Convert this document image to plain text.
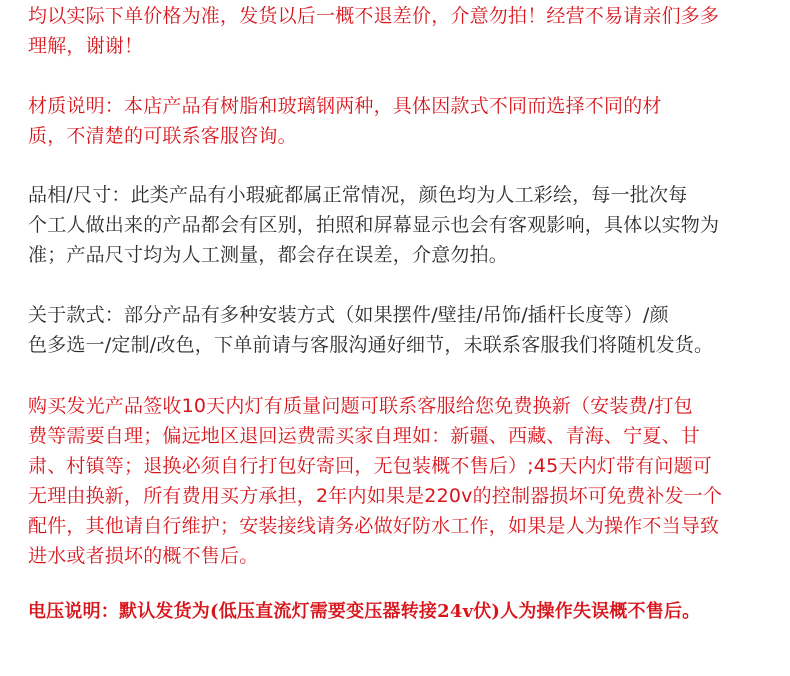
均以实际下单价格为准，发货以后一概不退差价，介意勿拍！经营不易请亲们多多
理解，谢谢！
材质说明：本店产品有树脂和玻璃钢两种，具体因款式不同而选择不同的材
质，不清楚的可联系客服咨询。
品相/尺寸：此类产品有小瑕疵都属正常情况，颜色均为人工彩绘，每一批次每
个工人做出来的产品都会有区别，拍照和屏幕显示也会有客观影响，具体以实物为
准；产品尺寸均为人工测量，都会存在误差，介意勿拍。
关于款式：部分产品有多种安装方式（如果摆件/壁挂/吊饰/插杆长度等）/颜
色多选一/定制/改色，下单前请与客服沟通好细节，未联系客服我们将随机发货。
购买发光产品签收10天内灯有质量问题可联系客服给您免费换新（安装费/打包
费等需要自理；偏远地区退回运费需买家自理如：新疆、西藏、青海、宁夏、甘
肃、村镇等；退换必须自行打包好寄回，无包装概不售后）;45天内灯带有问题可
无理由换新，所有费用买方承担，2年内如果是220v的控制器损坏可免费补发一个
配件，其他请自行维护；安装接线请务必做好防水工作，如果是人为操作不当导致
进水或者损坏的概不售后。
电压说明：默认发货为(低压直流灯需要变压器转接24v伏)人为操作失误概不售后。
